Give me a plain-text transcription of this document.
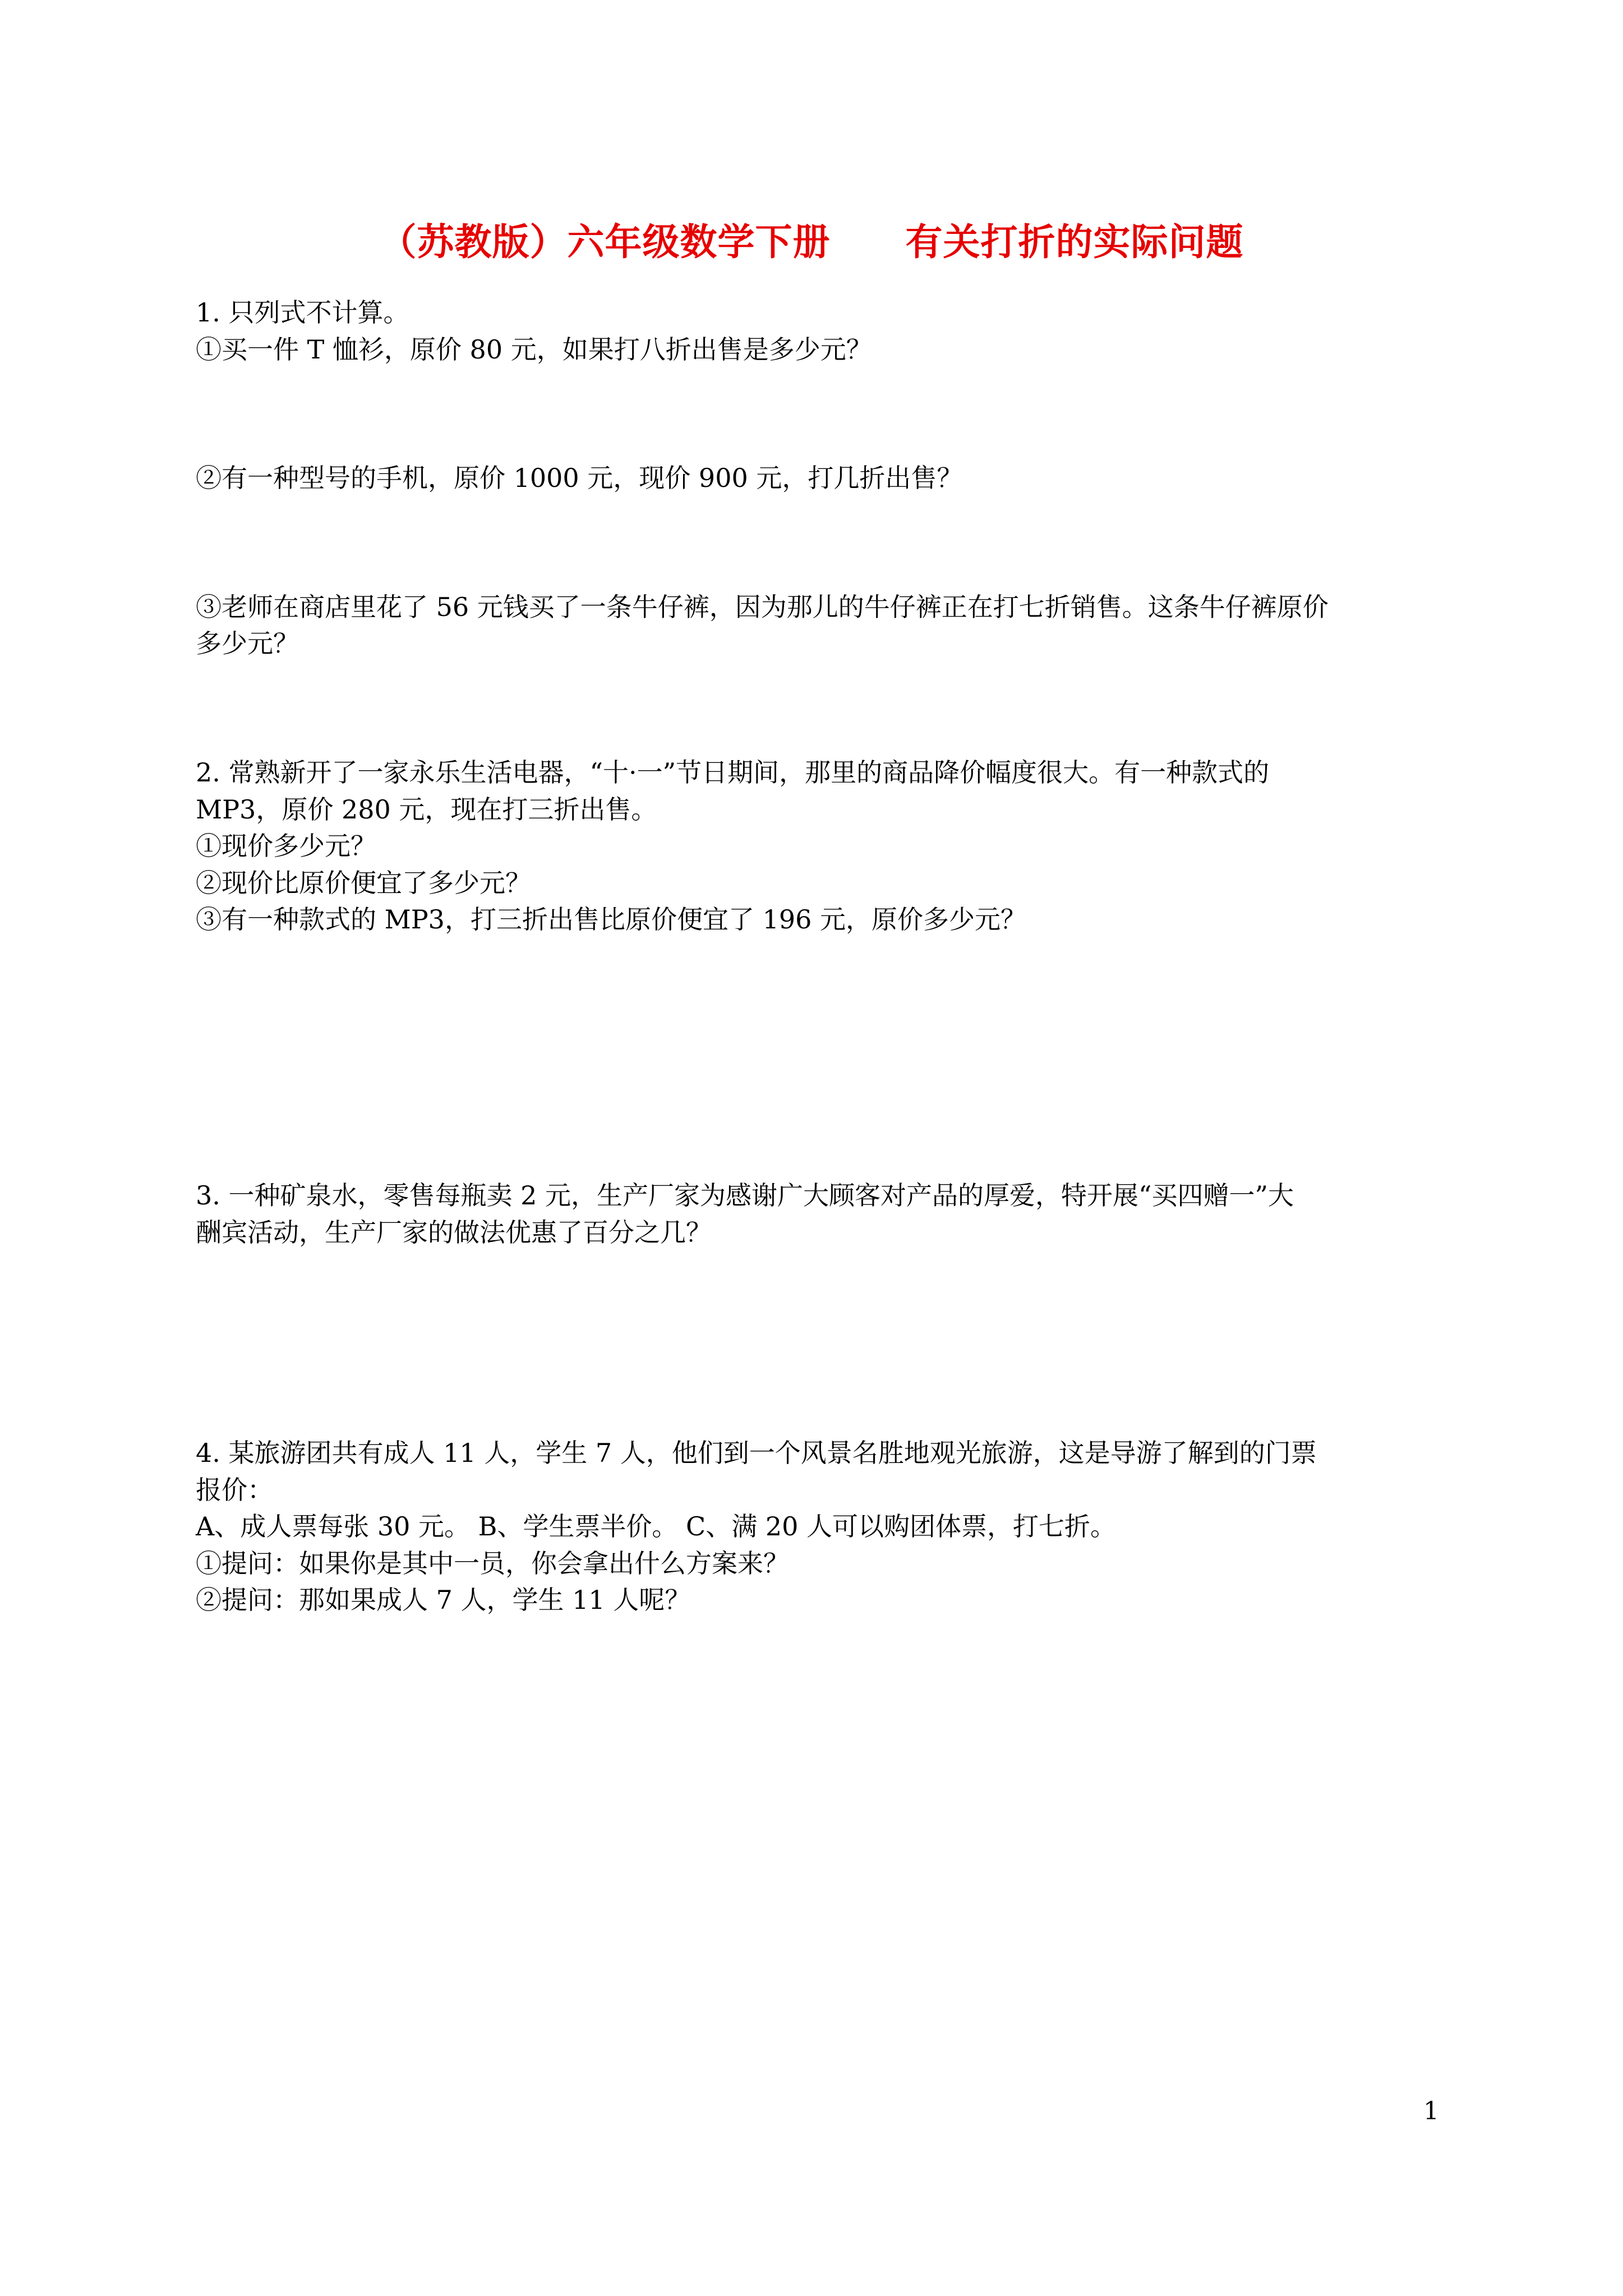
（苏教版）六年级数学下册　　有关打折的实际问题

1. 只列式不计算。

①买一件 T 恤衫，原价 80 元，如果打八折出售是多少元？

②有一种型号的手机，原价 1000 元，现价 900 元，打几折出售？

③老师在商店里花了 56 元钱买了一条牛仔裤，因为那儿的牛仔裤正在打七折销售。这条牛仔裤原价

多少元？

2. 常熟新开了一家永乐生活电器，“十·一”节日期间，那里的商品降价幅度很大。有一种款式的

MP3，原价 280 元，现在打三折出售。

①现价多少元？

②现价比原价便宜了多少元？

③有一种款式的 MP3，打三折出售比原价便宜了 196 元，原价多少元？

3. 一种矿泉水，零售每瓶卖 2 元，生产厂家为感谢广大顾客对产品的厚爱，特开展“买四赠一”大

酬宾活动，生产厂家的做法优惠了百分之几？

4. 某旅游团共有成人 11 人，学生 7 人，他们到一个风景名胜地观光旅游，这是导游了解到的门票

报价：

A、成人票每张 30 元。 B、学生票半价。 C、满 20 人可以购团体票，打七折。

①提问：如果你是其中一员，你会拿出什么方案来？

②提问：那如果成人 7 人，学生 11 人呢？

1
